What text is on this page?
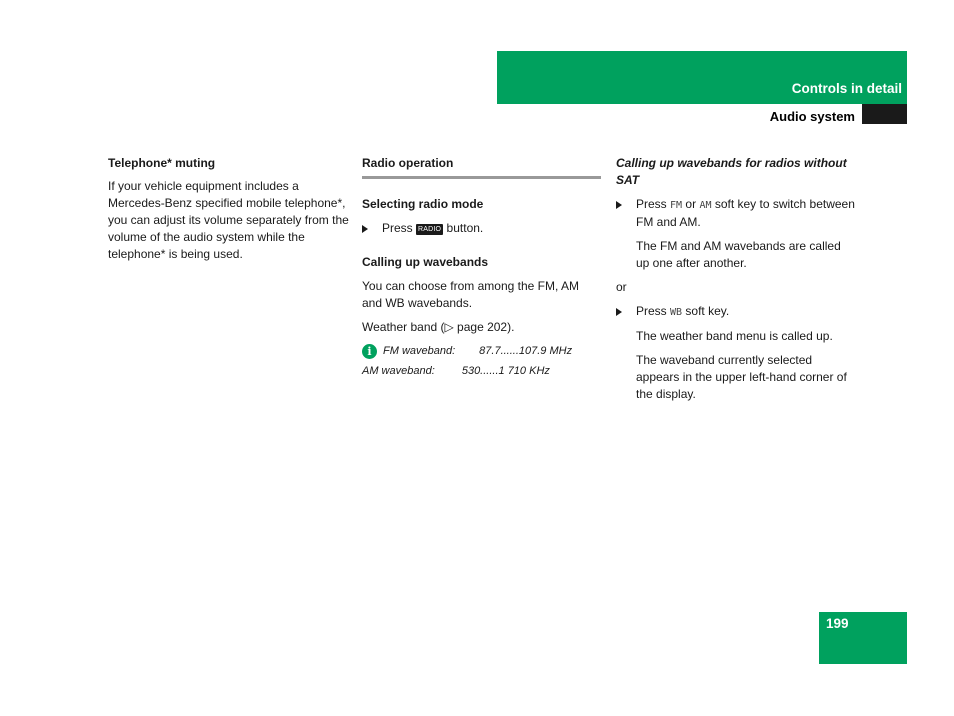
Controls in detail
Audio system
Telephone* muting

If your vehicle equipment includes a Mercedes-Benz specified mobile telephone*, you can adjust its volume separately from the volume of the audio system while the telephone* is being used.

Radio operation
Selecting radio mode
Press RADIO button.
Calling up wavebands

You can choose from among the FM, AM and WB wavebands.

Weather band (▷ page 202).

i	FM waveband: 87.7......107.9 MHz
AM waveband: 530......1 710 KHz
Calling up wavebands for radios without SAT
Press FM or AM soft key to switch between FM and AM.

The FM and AM wavebands are called up one after another.

or

Press WB soft key.

The weather band menu is called up.

The waveband currently selected appears in the upper left-hand corner of the display.

199
